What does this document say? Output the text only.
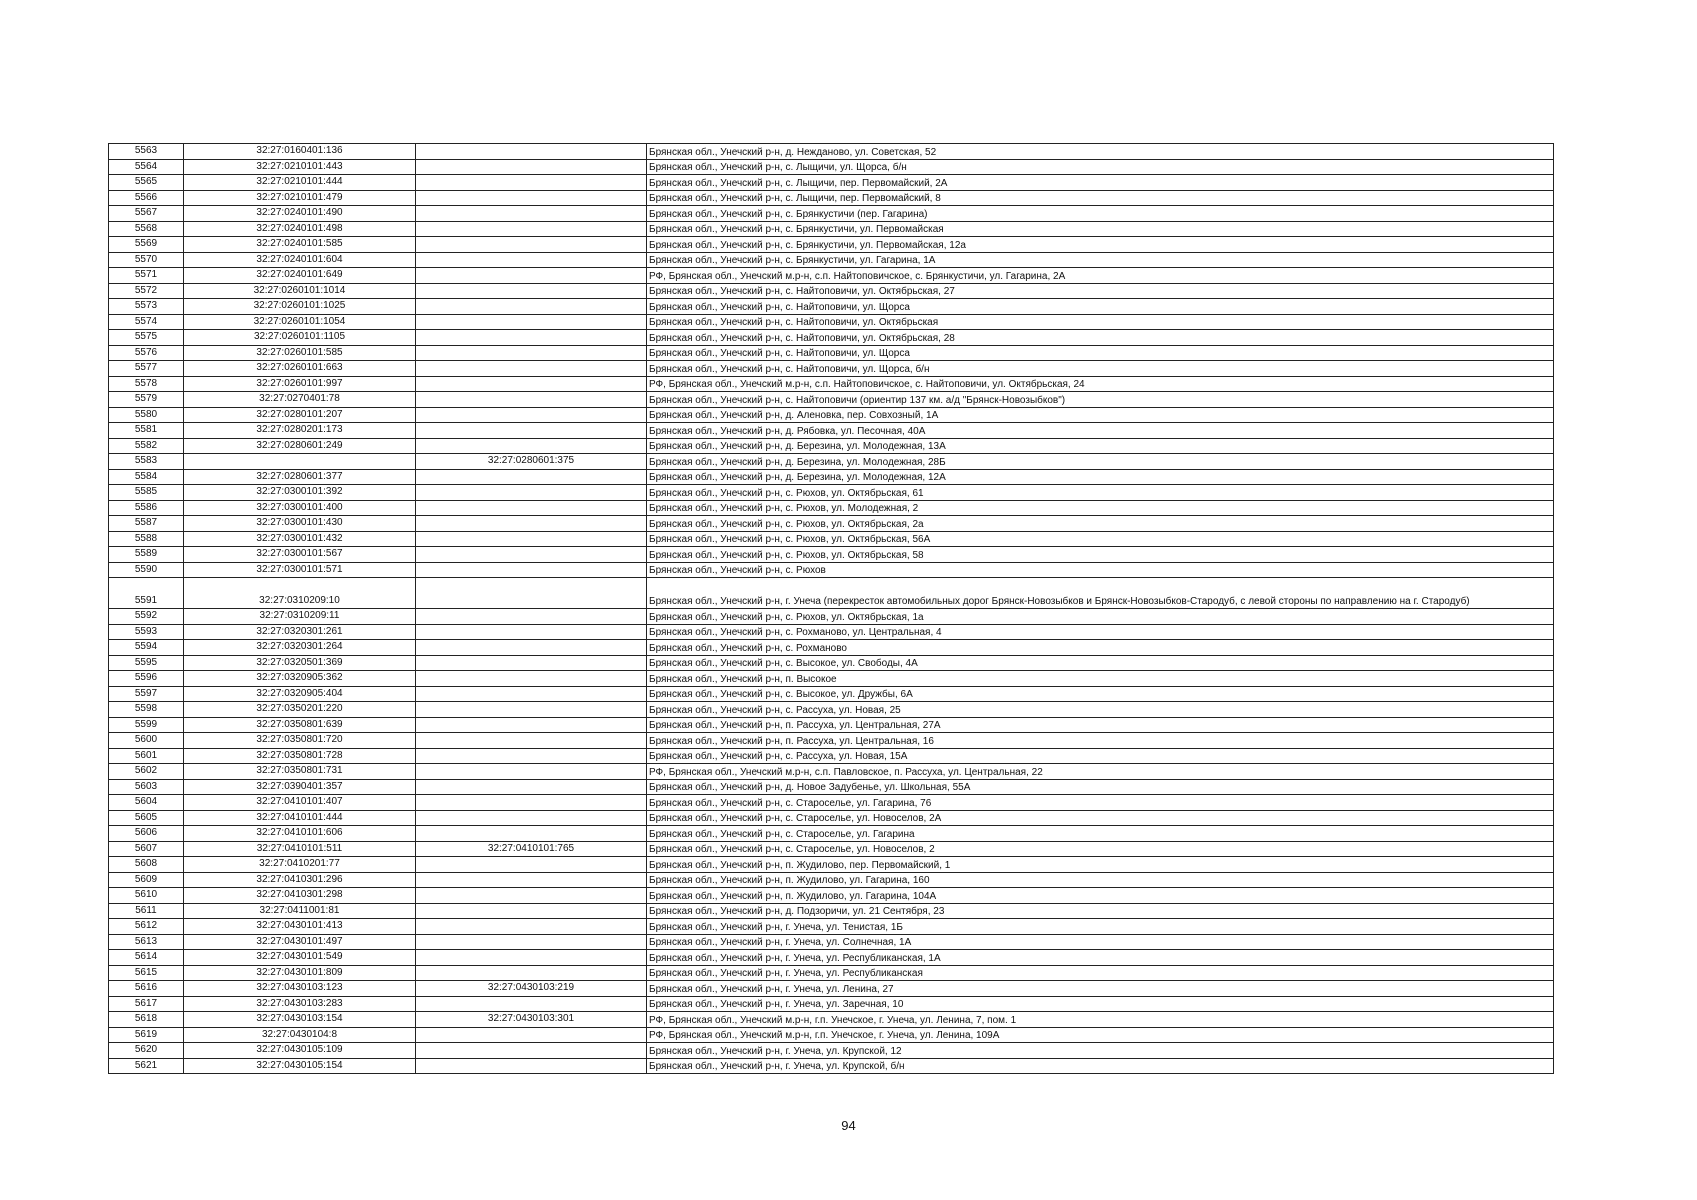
5563	32:27:0160401:136		Брянская обл., Унечский р-н, д. Нежданово, ул. Советская, 52
5564	32:27:0210101:443		Брянская обл., Унечский р-н, с. Лыщичи, ул. Щорса, б/н
5565	32:27:0210101:444		Брянская обл., Унечский р-н, с. Лыщичи, пер. Первомайский, 2А
5566	32:27:0210101:479		Брянская обл., Унечский р-н, с. Лыщичи, пер. Первомайский, 8
5567	32:27:0240101:490		Брянская обл., Унечский р-н, с. Брянкустичи (пер. Гагарина)
5568	32:27:0240101:498		Брянская обл., Унечский р-н, с. Брянкустичи, ул. Первомайская
5569	32:27:0240101:585		Брянская обл., Унечский р-н, с. Брянкустичи, ул. Первомайская, 12а
5570	32:27:0240101:604		Брянская обл., Унечский р-н, с. Брянкустичи, ул. Гагарина, 1А
5571	32:27:0240101:649		РФ, Брянская обл., Унечский м.р-н, с.п. Найтоповичское, с. Брянкустичи, ул. Гагарина, 2А
5572	32:27:0260101:1014		Брянская обл., Унечский р-н, с. Найтоповичи, ул. Октябрьская, 27
5573	32:27:0260101:1025		Брянская обл., Унечский р-н, с. Найтоповичи, ул. Щорса
5574	32:27:0260101:1054		Брянская обл., Унечский р-н, с. Найтоповичи, ул. Октябрьская
5575	32:27:0260101:1105		Брянская обл., Унечский р-н, с. Найтоповичи, ул. Октябрьская, 28
5576	32:27:0260101:585		Брянская обл., Унечский р-н, с. Найтоповичи, ул. Щорса
5577	32:27:0260101:663		Брянская обл., Унечский р-н, с. Найтоповичи, ул. Щорса, б/н
5578	32:27:0260101:997		РФ, Брянская обл., Унечский м.р-н, с.п. Найтоповичское, с. Найтоповичи, ул. Октябрьская, 24
5579	32:27:0270401:78		Брянская обл., Унечский р-н, с. Найтоповичи (ориентир 137 км. а/д "Брянск-Новозыбков")
5580	32:27:0280101:207		Брянская обл., Унечский р-н, д. Аленовка, пер. Совхозный, 1А
5581	32:27:0280201:173		Брянская обл., Унечский р-н, д. Рябовка, ул. Песочная, 40А
5582	32:27:0280601:249		Брянская обл., Унечский р-н, д. Березина, ул. Молодежная, 13А
5583		32:27:0280601:375	Брянская обл., Унечский р-н, д. Березина, ул. Молодежная, 28Б
5584	32:27:0280601:377		Брянская обл., Унечский р-н, д. Березина, ул. Молодежная, 12А
5585	32:27:0300101:392		Брянская обл., Унечский р-н, с. Рюхов, ул. Октябрьская, 61
5586	32:27:0300101:400		Брянская обл., Унечский р-н, с. Рюхов, ул. Молодежная, 2
5587	32:27:0300101:430		Брянская обл., Унечский р-н, с. Рюхов, ул. Октябрьская, 2а
5588	32:27:0300101:432		Брянская обл., Унечский р-н, с. Рюхов, ул. Октябрьская, 56А
5589	32:27:0300101:567		Брянская обл., Унечский р-н, с. Рюхов, ул. Октябрьская, 58
5590	32:27:0300101:571		Брянская обл., Унечский р-н, с. Рюхов
5591	32:27:0310209:10		Брянская обл., Унечский р-н, г. Унеча (перекресток автомобильных дорог Брянск-Новозыбков и Брянск-Новозыбков-Стародуб, с левой стороны по направлению на г. Стародуб)
5592	32:27:0310209:11		Брянская обл., Унечский р-н, с. Рюхов, ул. Октябрьская, 1а
5593	32:27:0320301:261		Брянская обл., Унечский р-н, с. Рохманово, ул. Центральная, 4
5594	32:27:0320301:264		Брянская обл., Унечский р-н, с. Рохманово
5595	32:27:0320501:369		Брянская обл., Унечский р-н, с. Высокое, ул. Свободы, 4А
5596	32:27:0320905:362		Брянская обл., Унечский р-н, п. Высокое
5597	32:27:0320905:404		Брянская обл., Унечский р-н, с. Высокое, ул. Дружбы, 6А
5598	32:27:0350201:220		Брянская обл., Унечский р-н, с. Рассуха, ул. Новая, 25
5599	32:27:0350801:639		Брянская обл., Унечский р-н, п. Рассуха, ул. Центральная, 27А
5600	32:27:0350801:720		Брянская обл., Унечский р-н, п. Рассуха, ул. Центральная, 16
5601	32:27:0350801:728		Брянская обл., Унечский р-н, с. Рассуха, ул. Новая, 15А
5602	32:27:0350801:731		РФ, Брянская обл., Унечский м.р-н, с.п. Павловское, п. Рассуха, ул. Центральная, 22
5603	32:27:0390401:357		Брянская обл., Унечский р-н, д. Новое Задубенье, ул. Школьная, 55А
5604	32:27:0410101:407		Брянская обл., Унечский р-н, с. Староселье, ул. Гагарина, 76
5605	32:27:0410101:444		Брянская обл., Унечский р-н, с. Староселье, ул. Новоселов, 2А
5606	32:27:0410101:606		Брянская обл., Унечский р-н, с. Староселье, ул. Гагарина
5607	32:27:0410101:511	32:27:0410101:765	Брянская обл., Унечский р-н, с. Староселье, ул. Новоселов, 2
5608	32:27:0410201:77		Брянская обл., Унечский р-н, п. Жудилово, пер. Первомайский, 1
5609	32:27:0410301:296		Брянская обл., Унечский р-н, п. Жудилово, ул. Гагарина, 160
5610	32:27:0410301:298		Брянская обл., Унечский р-н, п. Жудилово, ул. Гагарина, 104А
5611	32:27:0411001:81		Брянская обл., Унечский р-н, д. Подзоричи, ул. 21 Сентября, 23
5612	32:27:0430101:413		Брянская обл., Унечский р-н, г. Унеча, ул. Тенистая, 1Б
5613	32:27:0430101:497		Брянская обл., Унечский р-н, г. Унеча, ул. Солнечная, 1А
5614	32:27:0430101:549		Брянская обл., Унечский р-н, г. Унеча, ул. Республиканская, 1А
5615	32:27:0430101:809		Брянская обл., Унечский р-н, г. Унеча, ул. Республиканская
5616	32:27:0430103:123	32:27:0430103:219	Брянская обл., Унечский р-н, г. Унеча, ул. Ленина, 27
5617	32:27:0430103:283		Брянская обл., Унечский р-н, г. Унеча, ул. Заречная, 10
5618	32:27:0430103:154	32:27:0430103:301	РФ, Брянская обл., Унечский м.р-н, г.п. Унечское, г. Унеча, ул. Ленина, 7, пом. 1
5619	32:27:0430104:8		РФ, Брянская обл., Унечский м.р-н, г.п. Унечское, г. Унеча, ул. Ленина, 109А
5620	32:27:0430105:109		Брянская обл., Унечский р-н, г. Унеча, ул. Крупской, 12
5621	32:27:0430105:154		Брянская обл., Унечский р-н, г. Унеча, ул. Крупской, б/н
94
